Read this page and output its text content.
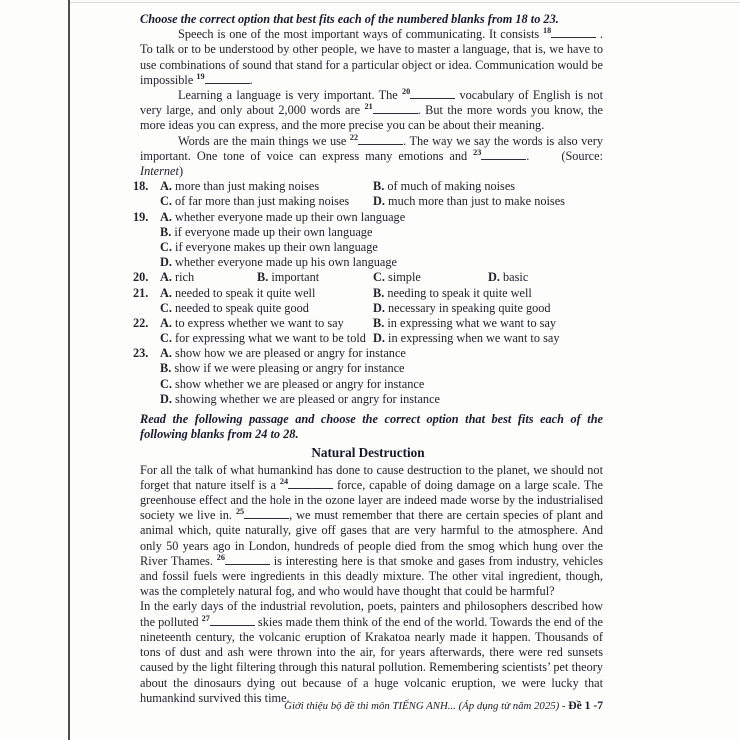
Choose the correct option that best fits each of the numbered blanks from 18 to 23.

Speech is one of the most important ways of communicating. It consists $^{18}$	. To talk or to be understood by other people, we have to master a language, that is, we have to use combinations of sound that stand for a particular object or idea. Communication would be impossible $^{19}$	.

Learning a language is very important. The $^{20}$	vocabulary of English is not very large, and only about 2,000 words are $^{21}$	. But the more words you know, the more ideas you can express, and the more precise you can be about their meaning.

Words are the main things we use $^{22}$	. The way we say the words is also very important. One tone of voice can express many emotions and $^{23}$	. (Source: Internet)

18. A. more than just making noises	B. of much of making noises
C. of far more than just making noises D. much more than just to make noises
19. A. whether everyone made up their own language
B. if everyone made up their own language
C. if everyone makes up their own language
D. whether everyone made up his own language
20. A. rich	B. important	C. simple	D. basic
21. A. needed to speak it quite well	B. needing to speak it quite well
C. needed to speak quite good	D. necessary in speaking quite good
22. A. to express whether we want to say B. in expressing what we want to say
C. for expressing what we want to be told D. in expressing when we want to say
23. A. show how we are pleased or angry for instance
B. show if we were pleasing or angry for instance
C. show whether we are pleased or angry for instance
D. showing whether we are pleased or angry for instance

Read the following passage and choose the correct option that best fits each of the following blanks from 24 to 28.

Natural Destruction

For all the talk of what humankind has done to cause destruction to the planet, we should not forget that nature itself is a $^{24}$	force, capable of doing damage on a large scale. The greenhouse effect and the hole in the ozone layer are indeed made worse by the industrialised society we live in. $^{25}$	, we must remember that there are certain species of plant and animal which, quite naturally, give off gases that are very harmful to the atmosphere. And only 50 years ago in London, hundreds of people died from the smog which hung over the River Thames. $^{26}$	is interesting here is that smoke and gases from industry, vehicles and fossil fuels were ingredients in this deadly mixture. The other vital ingredient, though, was the completely natural fog, and who would have thought that could be harmful?

In the early days of the industrial revolution, poets, painters and philosophers described how the polluted $^{27}$	skies made them think of the end of the world. Towards the end of the nineteenth century, the volcanic eruption of Krakatoa nearly made it happen. Thousands of tons of dust and ash were thrown into the air, for years afterwards, there were red sunsets caused by the light filtering through this natural pollution. Remembering scientists’ pet theory about the dinosaurs dying out because of a huge volcanic eruption, we were lucky that humankind survived this time.

Giới thiệu bộ đề thi môn TIẾNG ANH... (Áp dụng từ năm 2025) - Đề 1 -7
